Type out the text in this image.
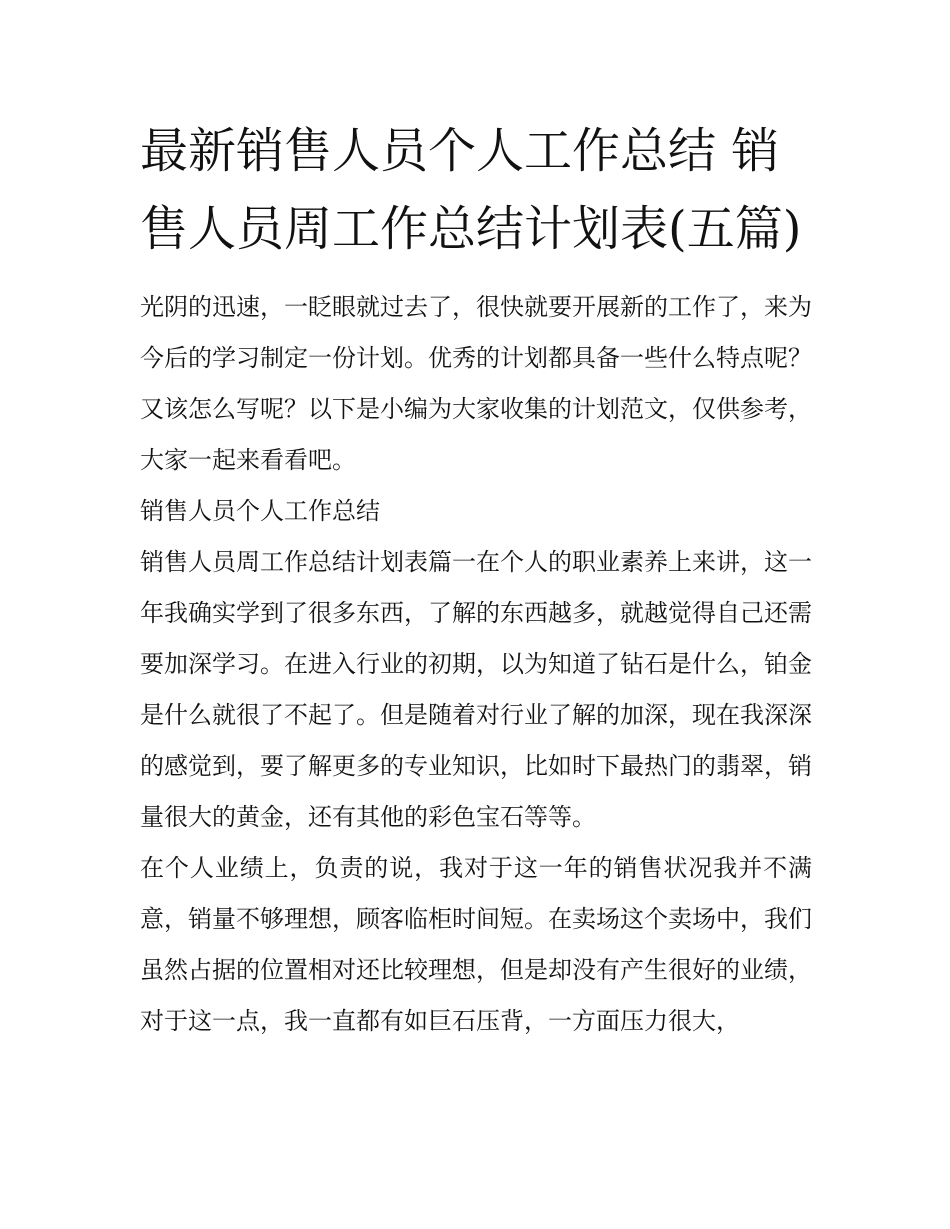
最新销售人员个人工作总结 销售人员周工作总结计划表(五篇)

光阴的迅速，一眨眼就过去了，很快就要开展新的工作了，来为今后的学习制定一份计划。优秀的计划都具备一些什么特点呢？又该怎么写呢？以下是小编为大家收集的计划范文，仅供参考，大家一起来看看吧。

销售人员个人工作总结

销售人员周工作总结计划表篇一在个人的职业素养上来讲，这一年我确实学到了很多东西，了解的东西越多，就越觉得自己还需要加深学习。在进入行业的初期，以为知道了钻石是什么，铂金是什么就很了不起了。但是随着对行业了解的加深，现在我深深的感觉到，要了解更多的专业知识，比如时下最热门的翡翠，销量很大的黄金，还有其他的彩色宝石等等。

在个人业绩上，负责的说，我对于这一年的销售状况我并不满意，销量不够理想，顾客临柜时间短。在卖场这个卖场中，我们虽然占据的位置相对还比较理想，但是却没有产生很好的业绩，对于这一点，我一直都有如巨石压背，一方面压力很大，
